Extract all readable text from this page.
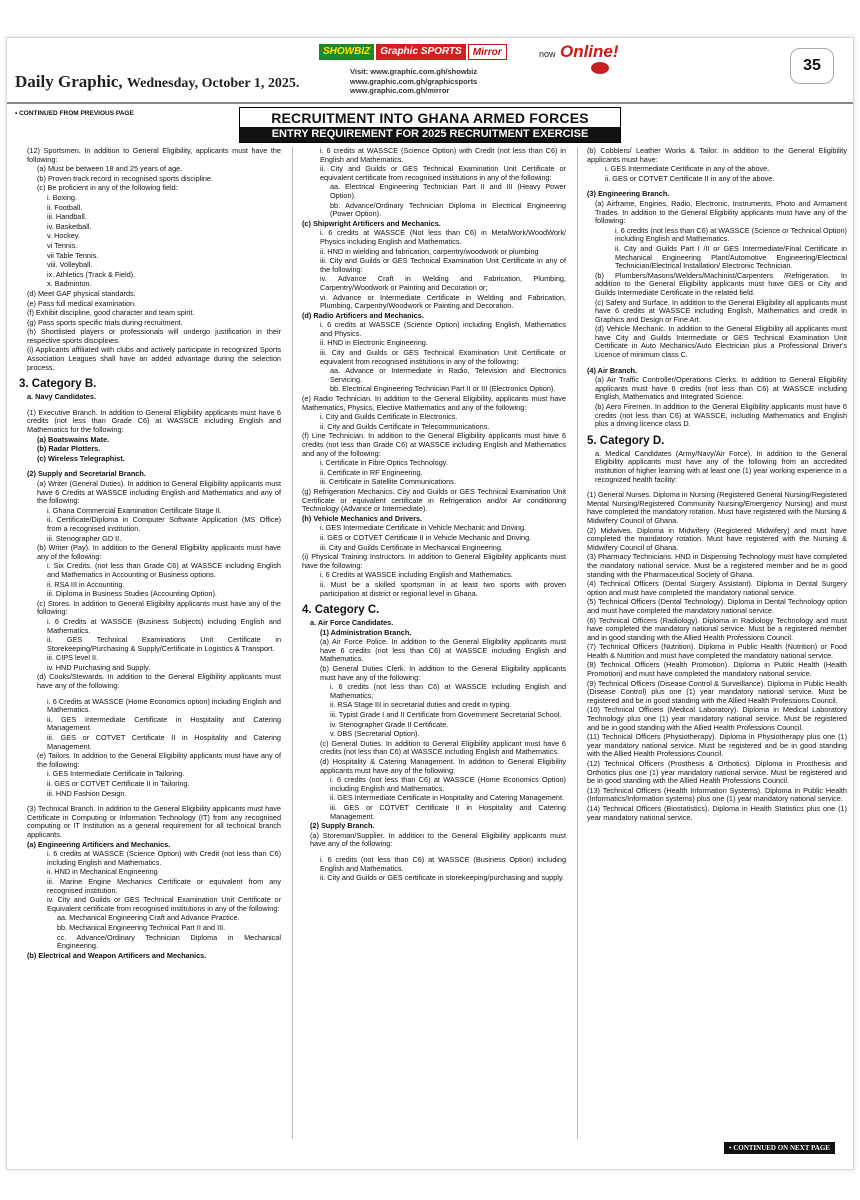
Daily Graphic, Wednesday, October 1, 2025.
SHOWBIZ	Graphic SPORTS	Mirror	now Online!
Visit: www.graphic.com.gh/showbiz
www.graphic.com.gh/graphicsports
www.graphic.com.gh/mirror
35
• CONTINUED FROM PREVIOUS PAGE	RECRUITMENT INTO GHANA ARMED FORCES
ENTRY REQUIREMENT FOR 2025 RECRUITMENT EXERCISE
(12) Sportsmen. In addition to General Eligibility, applicants must have the following:
(a) Must be between 18 and 25 years of age.
(b) Proven track record in recognised sports discipline.
(c) Be proficient in any of the following field:
i. Boxing.
ii. Football.
iii. Handball.
iv. Basketball.
v. Hockey.
vi Tennis.
vii Table Tennis.
viii. Volleyball.
ix. Athletics (Track & Field).
x. Badminton.
(d) Meet GAF physical standards.
(e) Pass full medical examination.
(f) Exhibit discipline, good character and team spirit.
(g) Pass sports specific trials during recruitment.
(h) Shortlisted players or professionals will undergo justification in their respective sports disciplines.
(i) Applicants affiliated with clubs and actively participate in recognized Sports Association Leagues shall have an added advantage during the selection process.
3. Category B.
a. Navy Candidates.
(1) Executive Branch. In addition to General Eligibility applicants must have 6 credits (not less than Grade C6) at WASSCE including English and Mathematics for the following:
(a) Boatswains Mate.
(b) Radar Plotters.
(c) Wireless Telegraphist.
(2) Supply and Secretarial Branch.
(a) Writer (General Duties). In addition to General Eligibility applicants must have 6 Credits at WASSCE including English and Mathematics and any of the following:
i. Ghana Commercial Examination Certificate Stage II.
ii. Certificate/Diploma in Computer Software Application (MS Office) from a recognised institution.
iii. Stenographer GD II.
(b) Writer (Pay). In addition to the General Eligibility applicants must have any of the following:
i. Six Credits. (not less than Grade C6) at WASSCE including English and Mathematics in Accounting or Business options.
ii. RSA III in Accounting.
iii. Diploma in Business Studies (Accounting Option).
(c) Stores. In addition to General Eligibility applicants must have any of the following:
i. 6 Credits at WASSCE (Business Subjects) including English and Mathematics.
ii. GES Technical Examinations Unit Certificate in Storekeeping/Purchasing & Supply/Certificate in Logistics & Transport.
iii. CIPS level II.
iv. HND Purchasing and Supply.
(d) Cooks/Stewards. In addition to the General Eligibility applicants must have any of the following:
i. 6 Credits at WASSCE (Home Economics option) including English and Mathematics.
ii. GES Intermediate Certificate in Hospitality and Catering Management.
iii. GES or COTVET Certificate II in Hospitality and Catering Management.
(e) Tailors. In addition to the General Eligibility applicants must have any of the following:
i. GES Intermediate Certificate in Tailoring.
ii. GES or COTVET Certificate II in Tailoring.
iii. HND Fashion Design.
(3) Technical Branch. In addition to the General Eligibility applicants must have Certificate in Computing or Information Technology (IT) from any recognised computing or IT Institution as a general requirement for all technical branch applicants.
(a) Engineering Artificers and Mechanics.
i. 6 credits at WASSCE (Science Option) with Credit (not less than C6) including English and Mathematics.
ii. HND in Mechanical Engineering
iii. Marine Engine Mechanics Certificate or equivalent from any recognised institution.
iv. City and Guilds or GES Technical Examination Unit Certificate or Equivalent certificate from recognised institutions in any of the following:
aa. Mechanical Engineering Craft and Advance Practice.
bb. Mechanical Engineering Technical Part II and III.
cc. Advance/Ordinary Technician Diploma in Mechanical Engineering.
(b) Electrical and Weapon Artificers and Mechanics.
i. 6 credits at WASSCE (Science Option) with Credit (not less than C6) in English and Mathematics.
ii. City and Guilds or GES Technical Examination Unit Certificate or equivalent certificate from recognised institutions in any of the following:
aa. Electrical Engineering Technician Part II and III (Heavy Power Option).
bb. Advance/Ordinary Technician Diploma in Electrical Engineering (Power Option).
(c) Shipwright Artificers and Mechanics.
i. 6 credits at WASSCE (Not less than C6) in MetalWork/WoodWork/ Physics including English and Mathematics.
ii. HND in wielding and fabrication, carpentry/woodwork or plumbing
iii. City and Guilds or GES Technical Examination Unit Certificate in any of the following:
iv. Advance Craft in Welding and Fabrication, Plumbing, Carpentry/Woodwork or Painting and Decoration or;
vi. Advance or Intermediate Certificate in Welding and Fabrication, Plumbing, Carpentry/Woodwork or Painting and Decoration.
(d) Radio Artificers and Mechanics.
i. 6 credits at WASSCE (Science Option) including English, Mathematics and Physics.
ii. HND in Electronic Engineering.
iii. City and Guilds or GES Technical Examination Unit Certificate or equivalent from recognised institutions in any of the following:
aa. Advance or Intermediate in Radio, Television and Electronics Servicing.
bb. Electrical Engineering Technician Part II or III (Electronics Option).
(e) Radio Technician. In addition to the General Eligibility, applicants must have Mathematics, Physics, Elective Mathematics and any of the following:
i. City and Guilds Certificate in Electronics.
ii. City and Guilds Certificate in Telecommunications.
(f) Line Technician. In addition to the General Eligibility applicants must have 6 credits (not less than Grade C6) at WASSCE including English and Mathematics and any of the following:
i. Certificate in Fibre Optics Technology.
ii. Certificate in RF Engineering.
iii. Certificate in Satellite Communications.
(g) Refrigeration Mechanics. City and Guilds or GES Technical Examination Unit Certificate or equivalent certificate in Refrigeration and/or Air conditioning Technology (Advance or Intermediate).
(h) Vehicle Mechanics and Drivers.
i. GES Intermediate Certificate in Vehicle Mechanic and Driving.
ii. GES or COTVET Certificate II in Vehicle Mechanic and Driving.
iii. City and Guilds Certificate in Mechanical Engineering.
(i) Physical Training Instructors. In addition to General Eligibility applicants must have the following:
i. 6 Credits at WASSCE including English and Mathematics.
ii. Must be a skilled sportsman in at least two sports with proven participation at district or regional level in Ghana.
4. Category C.
a. Air Force Candidates.
(1) Administration Branch.
(a) Air Force Police. In addition to the General Eligibility applicants must have 6 credits (not less than C6) at WASSCE including English and Mathematics.
(b) General Duties Clerk. In addition to the General Eligibility applicants must have any of the following:
i. 6 credits (not less than C6) at WASSCE including English and Mathematics;
ii. RSA Stage III in secretarial duties and credit in typing.
iii. Typist Grade I and II Certificate from Government Secretarial School.
iv. Stenographer Grade II Certificate.
v. DBS (Secretarial Option).
(c) General Duties. In addition to General Eligibility applicant must have 6 credits (not less than C6) at WASSCE including English and Mathematics.
(d) Hospitality & Catering Management. In addition to General Eligibility applicants must have any of the following:
i. 6 credits (not less than C6) at WASSCE (Home Economics Option) including English and Mathematics.
ii. GES Intermediate Certificate in Hospitality and Catering Management.
iii. GES or COTVET Certificate II in Hospitality and Catering Management.
(2) Supply Branch.
(a) Storeman/Supplier. In addition to the General Eligibility applicants must have any of the following:
i. 6 credits (not less than C6) at WASSCE (Business Option) including English and Mathematics.
ii. City and Guilds or GES certificate in storekeeping/purchasing and supply.
(b) Cobblers/ Leather Works & Tailor. In addition to the General Eligibility applicants must have:
i. GES Intermediate Certificate in any of the above.
ii. GES or COTVET Certificate II in any of the above.
(3) Engineering Branch.
(a) Airframe, Engines, Radio, Electronic, Instruments, Photo and Armament Trades. In addition to the General Eligibility applicants must have any of the following:
i. 6 credits (not less than C6) at WASSCE (Science or Technical Option) including English and Mathematics.
ii. City and Guilds Part I /II or GES Intermediate/Final Certificate in Mechanical Engineering Plant/Automotive Engineering/Electrical Technician/Electrical Installation/ Electronic Technician.
(b) Plumbers/Masons/Welders/Machinist/Carpenters /Refrigeration. In addition to the General Eligibility applicants must have GES or City and Guilds Intermediate Certificate in the related field.
(c) Safety and Surface. In addition to the General Eligibility all applicants must have 6 credits at WASSCE including English, Mathematics and credit in Graphics and Design or Fine Art.
(d) Vehicle Mechanic. In addition to the General Eligibility all applicants must have City and Guilds Intermediate or GES Technical Examination Unit Certificate in Auto Mechanics/Auto Electrician plus a Professional Driver's Licence of minimum class C.
(4) Air Branch.
(a) Air Traffic Controller/Operations Clerks. In addition to General Eligibility applicants must have 6 credits (not less than C6) at WASSCE including English, Mathematics and Integrated Science.
(b) Aero Firemen. In addition to the General Eligibility applicants must have 6 credits (not less than C6) at WASSCE, including Mathematics and English plus a driving licence class D.
5. Category D.
a. Medical Candidates (Army/Navy/Air Force). In addition to the General Eligibility applicants must have any of the following from an accredited institution of higher learning with at least one (1) year working experience in a recognized health facility:
(1) General Nurses. Diploma in Nursing (Registered General Nursing/Registered Mental Nursing/Registered Community Nursing/Emergency Nursing) and must have completed the mandatory rotation. Must have registered with the Nursing & Midwifery Council of Ghana.
(2) Midwives. Diploma in Midwifery (Registered Midwifery) and must have completed the mandatory rotation. Must have registered with the Nursing & Midwifery Council of Ghana.
(3) Pharmacy Technicians. HND in Dispensing Technology must have completed the mandatory national service. Must be a registered member and be in good standing with the Pharmaceutical Society of Ghana.
(4) Technical Officers (Dental Surgery Assistant). Diploma in Dental Surgery option and must have completed the mandatory national service.
(5) Technical Officers (Dental Technology). Diploma in Dental Technology option and must have completed the mandatory national service.
(6) Technical Officers (Radiology). Diploma in Radiology Technology and must have completed the mandatory national service. Must be a registered member and in good standing with the Allied Health Professions Council.
(7) Technical Officers (Nutrition). Diploma in Public Health (Nutrition) or Food Health & Nutrition and must have completed the mandatory national service.
(8) Technical Officers (Health Promotion). Diploma in Public Health (Health Promotion) and must have completed the mandatory national service.
(9) Technical Officers (Disease Control & Surveillance). Diploma in Public Health (Disease Control) plus one (1) year mandatory national service. Must be registered and be in good standing with the Allied Health Professions Council.
(10) Technical Officers (Medical Laboratory). Diploma in Medical Laboratory Technology plus one (1) year mandatory national service. Must be registered and be in good standing with the Allied Health Professions Council.
(11) Technical Officers (Physiotherapy). Diploma in Physiotherapy plus one (1) year mandatory national service. Must be registered and be in good standing with the Allied Health Professions Council.
(12) Technical Officers (Prosthesis & Orthotics). Diploma in Prosthesis and Orthotics plus one (1) year mandatory national service. Must be registered and be in good standing with the Allied Health Professions Council.
(13) Technical Officers (Health Information Systems). Diploma in Public Health (Informatics/Information systems) plus one (1) year mandatory national service.
(14) Technical Officers (Biostatistics). Diploma in Health Statistics plus one (1) year mandatory national service.
• CONTINUED ON NEXT PAGE
